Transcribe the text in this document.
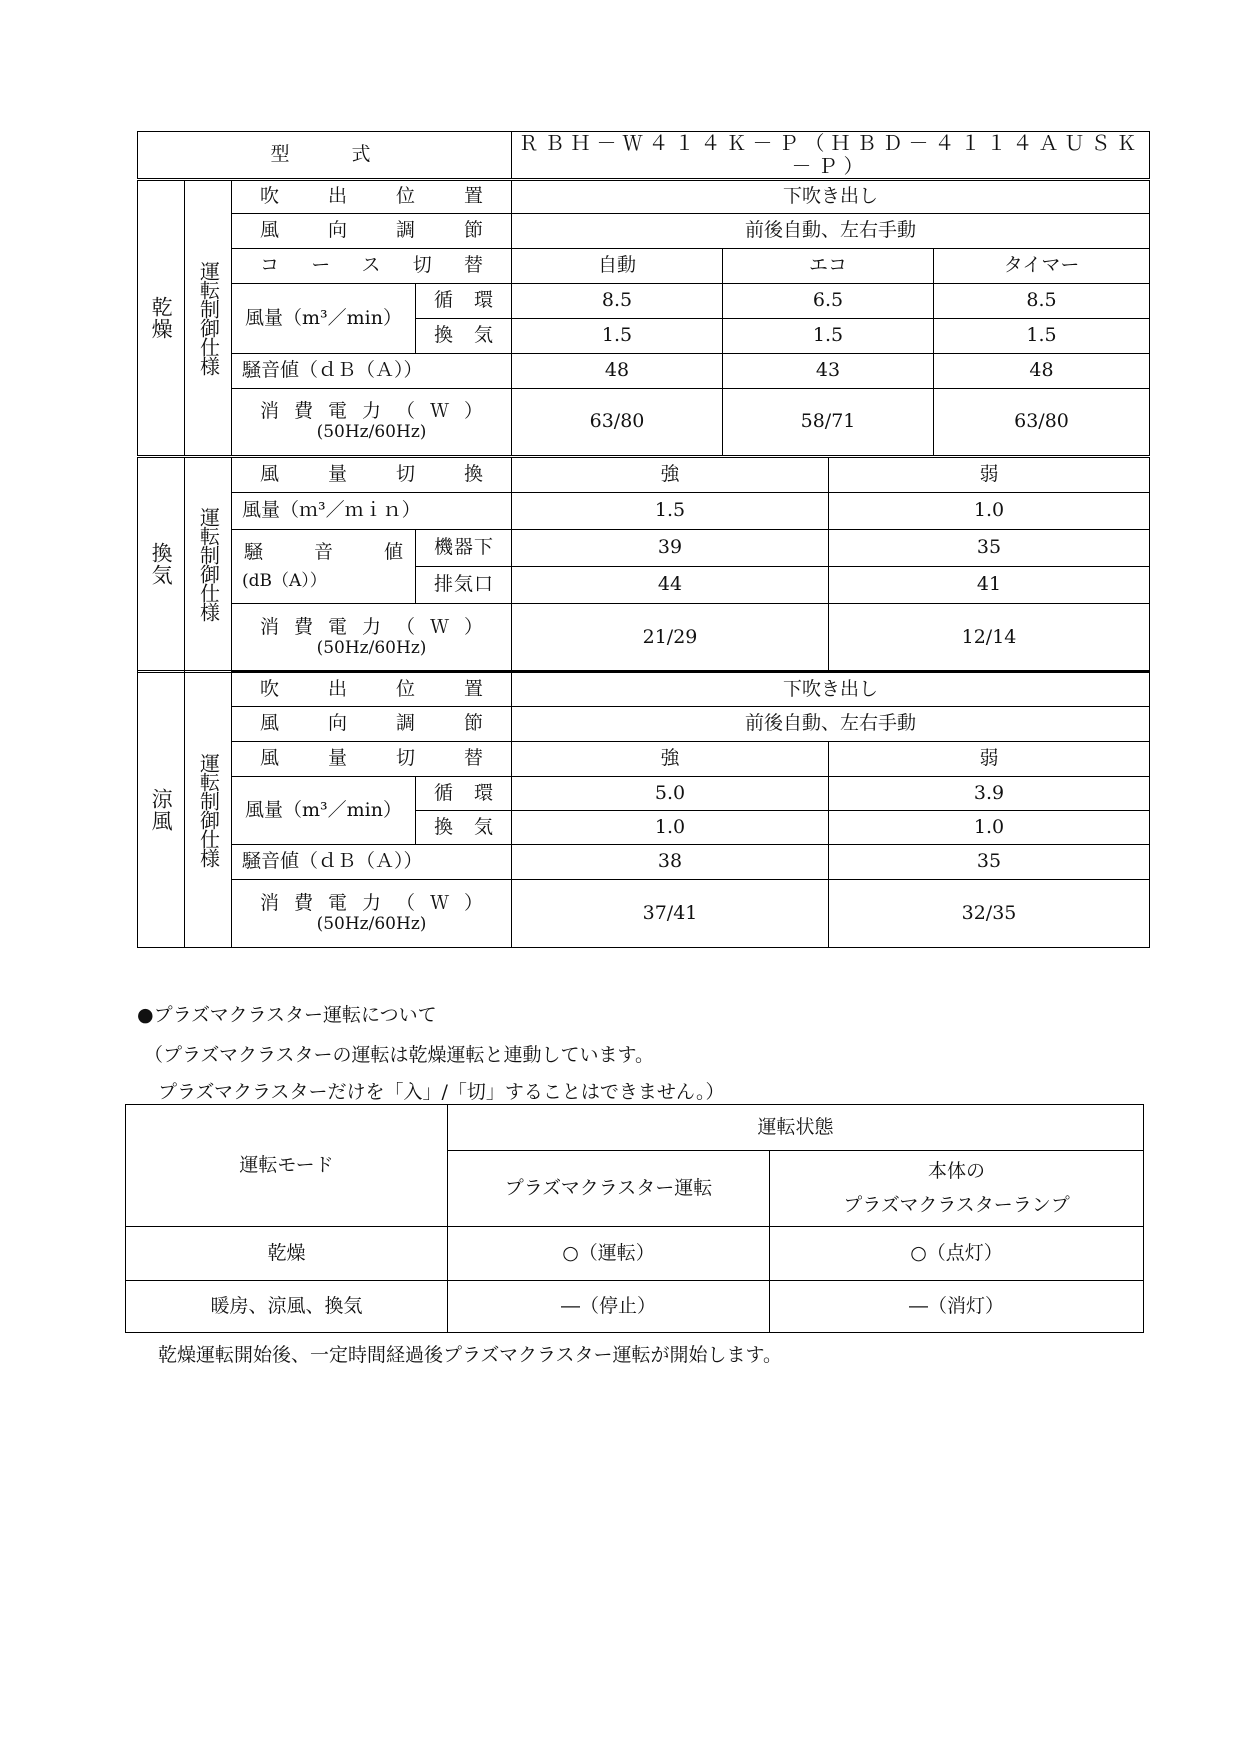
型　　式				ＲＢＨ－Ｗ４１４Ｋ－Ｐ（ＨＢＤ－４１１４ＡＵＳＫ－Ｐ）			
乾燥	運転制御仕様	吹出位置		下吹き出し			
		風向調節		前後自動、左右手動			
		コース切替		自動	エコ		タイマー
		風量（m³／min）	循　環	8.5	6.5		8.5
			換　気	1.5	1.5		1.5
		騒音値（ｄＢ（Ａ））		48	43		48

		消費電力（Ｗ）
(50Hz/60Hz)		63/80	58/71		63/80

換気	運転制御仕様	風量切換		強		弱	
		風量（ｍ³／ｍｉｎ）		1.5		1.0	

		騒　音　値
(dB（A））	機器下	39		35	
			排気口	44		41	

		消費電力（Ｗ）
(50Hz/60Hz)		21/29		12/14	

涼風	運転制御仕様	吹出位置		下吹き出し			
		風向調節		前後自動、左右手動			
		風量切替		強		弱	
		風量（m³／min）	循　環	5.0		3.9	
			換　気	1.0		1.0	
		騒音値（ｄＢ（Ａ））		38		35	

		消費電力（Ｗ）
(50Hz/60Hz)		37/41		32/35	

●プラズマクラスター運転について
（プラズマクラスターの運転は乾燥運転と連動しています。
プラズマクラスターだけを「入」/「切」することはできません。）
運転モード	運転状態	
	プラズマクラスター運転	本体の
プラズマクラスターランプ

乾燥	○（運転）	○（点灯）
暖房、涼風、換気	―（停止）	―（消灯）
乾燥運転開始後、一定時間経過後プラズマクラスター運転が開始します。
